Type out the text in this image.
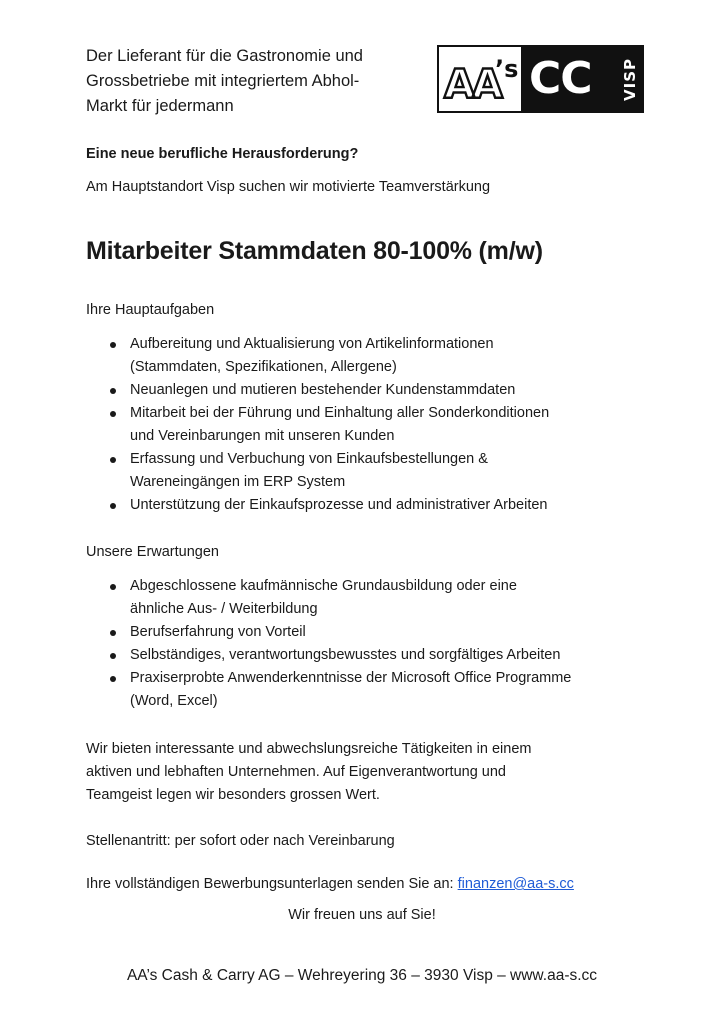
Der Lieferant für die Gastronomie und
Grossbetriebe mit integriertem Abhol-
Markt für jedermann	AA
’s CC VISP
Eine neue berufliche Herausforderung?
Am Hauptstandort Visp suchen wir motivierte Teamverstärkung
Mitarbeiter Stammdaten 80-100% (m/w)
Ihre Hauptaufgaben
Aufbereitung und Aktualisierung von Artikelinformationen
(Stammdaten, Spezifikationen, Allergene)
Neuanlegen und mutieren bestehender Kundenstammdaten
Mitarbeit bei der Führung und Einhaltung aller Sonderkonditionen
und Vereinbarungen mit unseren Kunden
Erfassung und Verbuchung von Einkaufsbestellungen &
Wareneingängen im ERP System
Unterstützung der Einkaufsprozesse und administrativer Arbeiten
Unsere Erwartungen
Abgeschlossene kaufmännische Grundausbildung oder eine
ähnliche Aus- / Weiterbildung
Berufserfahrung von Vorteil
Selbständiges, verantwortungsbewusstes und sorgfältiges Arbeiten
Praxiserprobte Anwenderkenntnisse der Microsoft Office Programme
(Word, Excel)
Wir bieten interessante und abwechslungsreiche Tätigkeiten in einem
aktiven und lebhaften Unternehmen. Auf Eigenverantwortung und
Teamgeist legen wir besonders grossen Wert.
Stellenantritt: per sofort oder nach Vereinbarung
Ihre vollständigen Bewerbungsunterlagen senden Sie an: finanzen@aa-s.cc
Wir freuen uns auf Sie!
AA’s Cash & Carry AG – Wehreyering 36 – 3930 Visp – www.aa-s.cc
